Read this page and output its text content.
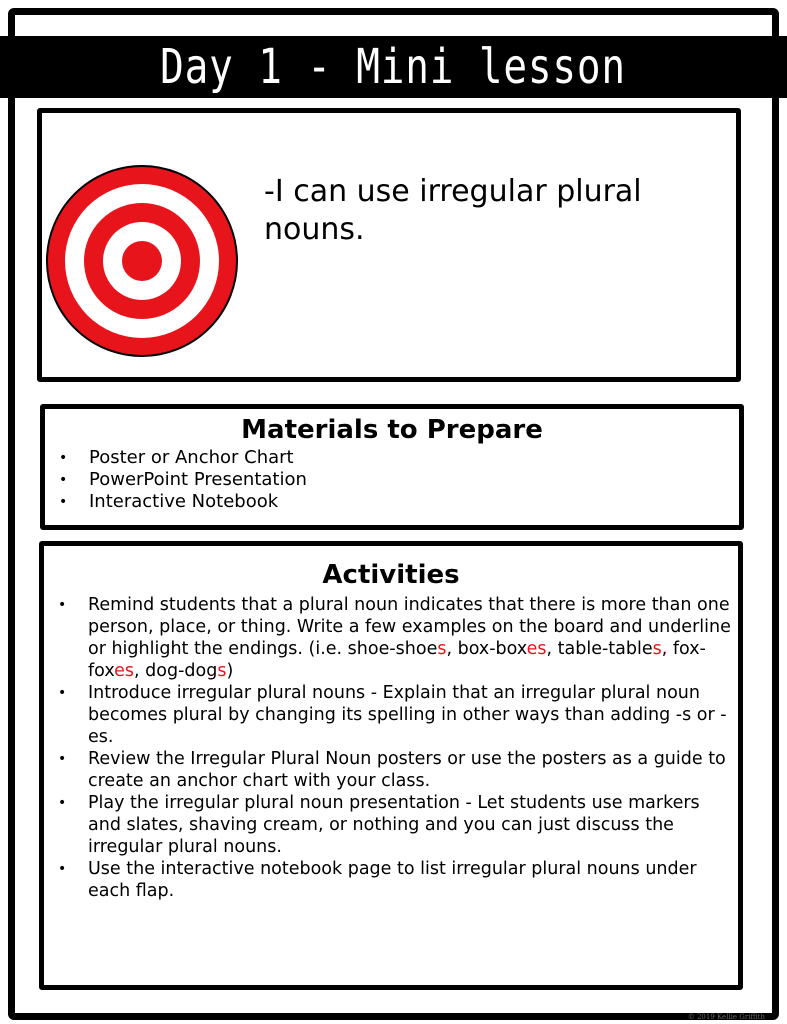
Day 1 - Mini lesson
-I can use irregular plural nouns.
Materials to Prepare
• Poster or Anchor Chart
• PowerPoint Presentation
• Interactive Notebook
Activities
• Remind students that a plural noun indicates that there is more than one person, place, or thing. Write a few examples on the board and underline or highlight the endings. (i.e. shoe-shoes, box-boxes, table-tables, fox-foxes, dog-dogs)
• Introduce irregular plural nouns - Explain that an irregular plural noun becomes plural by changing its spelling in other ways than adding -s or -es.
• Review the Irregular Plural Noun posters or use the posters as a guide to create an anchor chart with your class.
• Play the irregular plural noun presentation - Let students use markers and slates, shaving cream, or nothing and you can just discuss the irregular plural nouns.
• Use the interactive notebook page to list irregular plural nouns under each flap.
© 2019 Kellie Griffith
